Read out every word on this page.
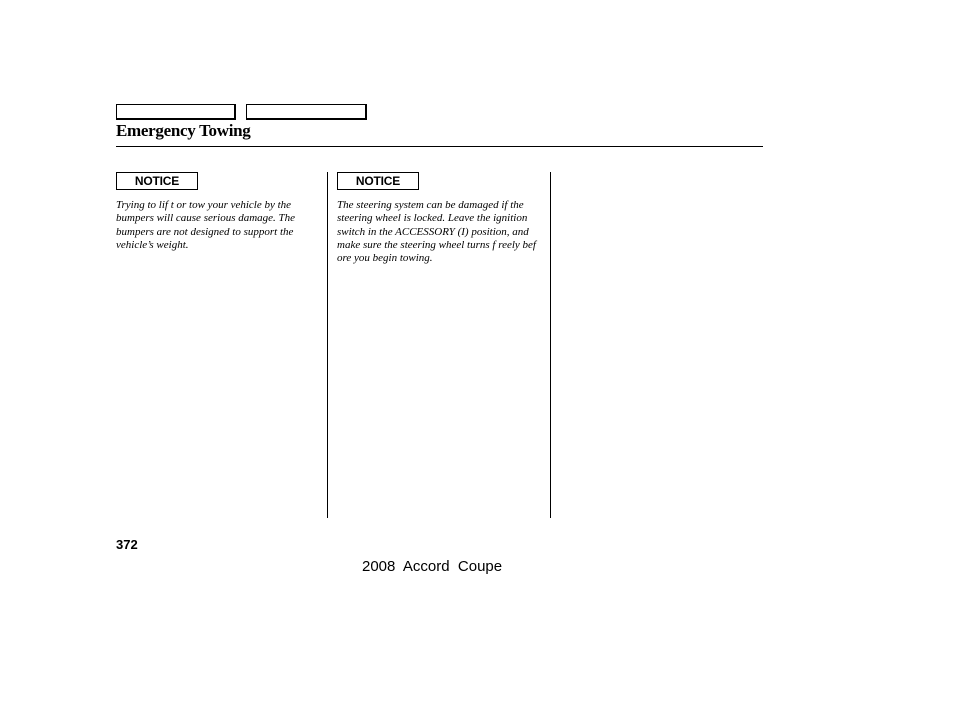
Emergency Towing
NOTICE
Trying to lif t or tow your vehicle by the bumpers will cause serious damage. The bumpers are not designed to support the vehicle’s weight.
NOTICE
The steering system can be damaged if the steering wheel is locked. Leave the ignition switch in the ACCESSORY (I) position, and make sure the steering wheel turns f reely bef ore you begin towing.
372
2008  Accord  Coupe
